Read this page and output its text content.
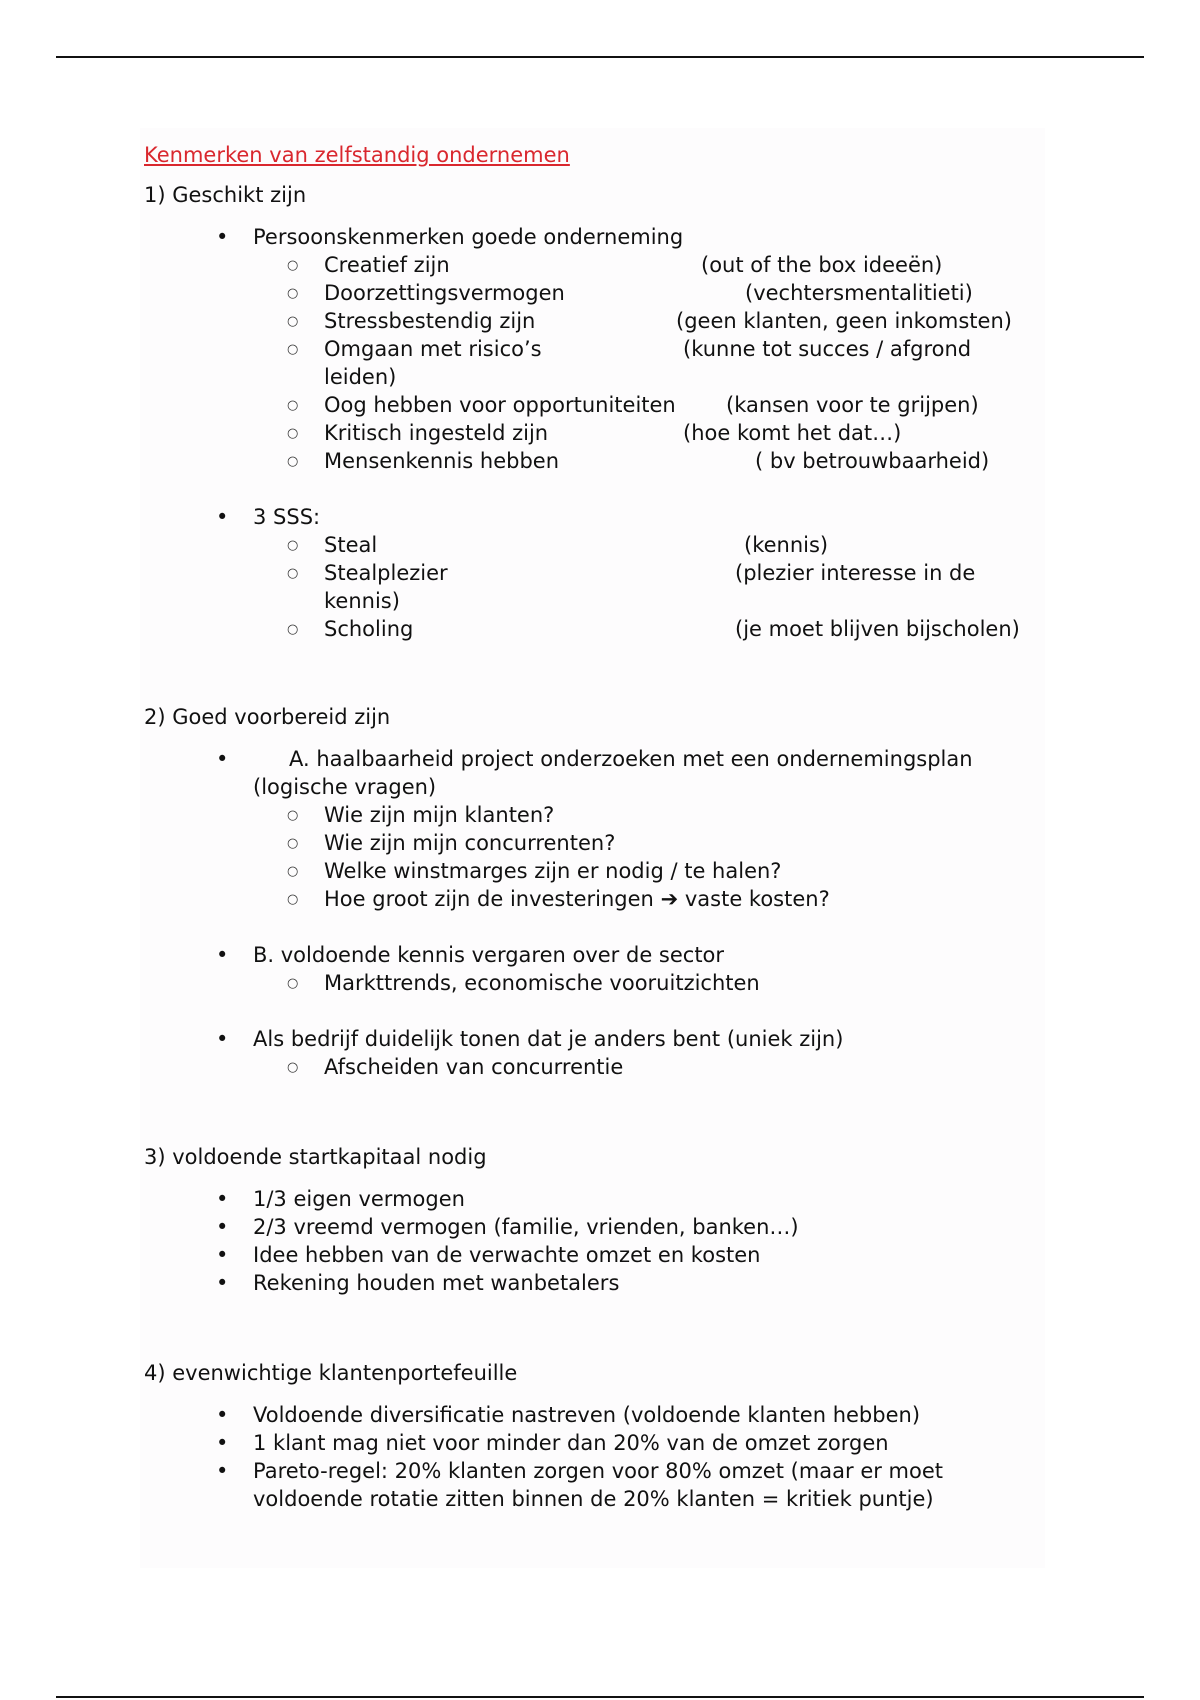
Kenmerken van zelfstandig ondernemen
1) Geschikt zijn
• Persoonskenmerken goede onderneming
○ Creatief zijn	(out of the box ideeën)
○ Doorzettingsvermogen	(vechtersmentalitieti)
○ Stressbestendig zijn	(geen klanten, geen inkomsten)
○ Omgaan met risico’s	(kunne tot succes / afgrond
leiden)
○ Oog hebben voor opportuniteiten	(kansen voor te grijpen)
○ Kritisch ingesteld zijn	(hoe komt het dat…)
○ Mensenkennis hebben	( bv betrouwbaarheid)
• 3 SSS:
○ Steal	(kennis)
○ Stealplezier	(plezier interesse in de
kennis)
○ Scholing	(je moet blijven bijscholen)
2) Goed voorbereid zijn
• A. haalbaarheid project onderzoeken met een ondernemingsplan
(logische vragen)
○ Wie zijn mijn klanten?
○ Wie zijn mijn concurrenten?
○ Welke winstmarges zijn er nodig / te halen?
○ Hoe groot zijn de investeringen ➔ vaste kosten?
• B. voldoende kennis vergaren over de sector
○ Markttrends, economische vooruitzichten
• Als bedrijf duidelijk tonen dat je anders bent (uniek zijn)
○ Afscheiden van concurrentie
3) voldoende startkapitaal nodig
• 1/3 eigen vermogen
• 2/3 vreemd vermogen (familie, vrienden, banken…)
• Idee hebben van de verwachte omzet en kosten
• Rekening houden met wanbetalers
4) evenwichtige klantenportefeuille
• Voldoende diversificatie nastreven (voldoende klanten hebben)
• 1 klant mag niet voor minder dan 20% van de omzet zorgen
• Pareto-regel: 20% klanten zorgen voor 80% omzet (maar er moet
voldoende rotatie zitten binnen de 20% klanten = kritiek puntje)
